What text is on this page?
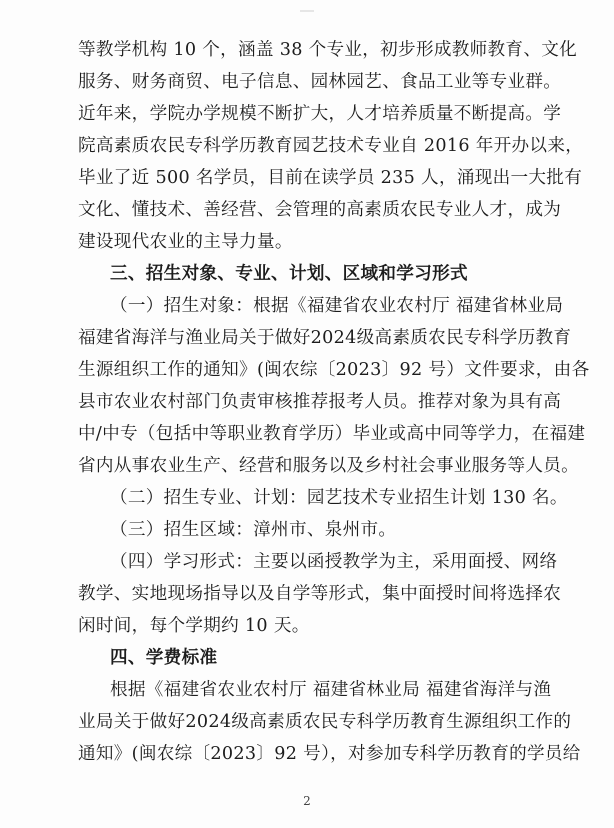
等教学机构 10 个，涵盖 38 个专业，初步形成教师教育、文化
服务、财务商贸、电子信息、园林园艺、食品工业等专业群。
近年来，学院办学规模不断扩大，人才培养质量不断提高。学
院高素质农民专科学历教育园艺技术专业自 2016 年开办以来，
毕业了近 500 名学员，目前在读学员 235 人，涌现出一大批有
文化、懂技术、善经营、会管理的高素质农民专业人才，成为
建设现代农业的主导力量。
三、招生对象、专业、计划、区域和学习形式
（一）招生对象：根据《福建省农业农村厅 福建省林业局
福建省海洋与渔业局关于做好2024级高素质农民专科学历教育
生源组织工作的通知》(闽农综〔2023〕92 号）文件要求，由各
县市农业农村部门负责审核推荐报考人员。推荐对象为具有高
中/中专（包括中等职业教育学历）毕业或高中同等学力，在福建
省内从事农业生产、经营和服务以及乡村社会事业服务等人员。
（二）招生专业、计划：园艺技术专业招生计划 130 名。
（三）招生区域：漳州市、泉州市。
（四）学习形式：主要以函授教学为主，采用面授、网络
教学、实地现场指导以及自学等形式，集中面授时间将选择农
闲时间，每个学期约 10 天。
四、学费标准
根据《福建省农业农村厅 福建省林业局 福建省海洋与渔
业局关于做好2024级高素质农民专科学历教育生源组织工作的
通知》(闽农综〔2023〕92 号），对参加专科学历教育的学员给
2
